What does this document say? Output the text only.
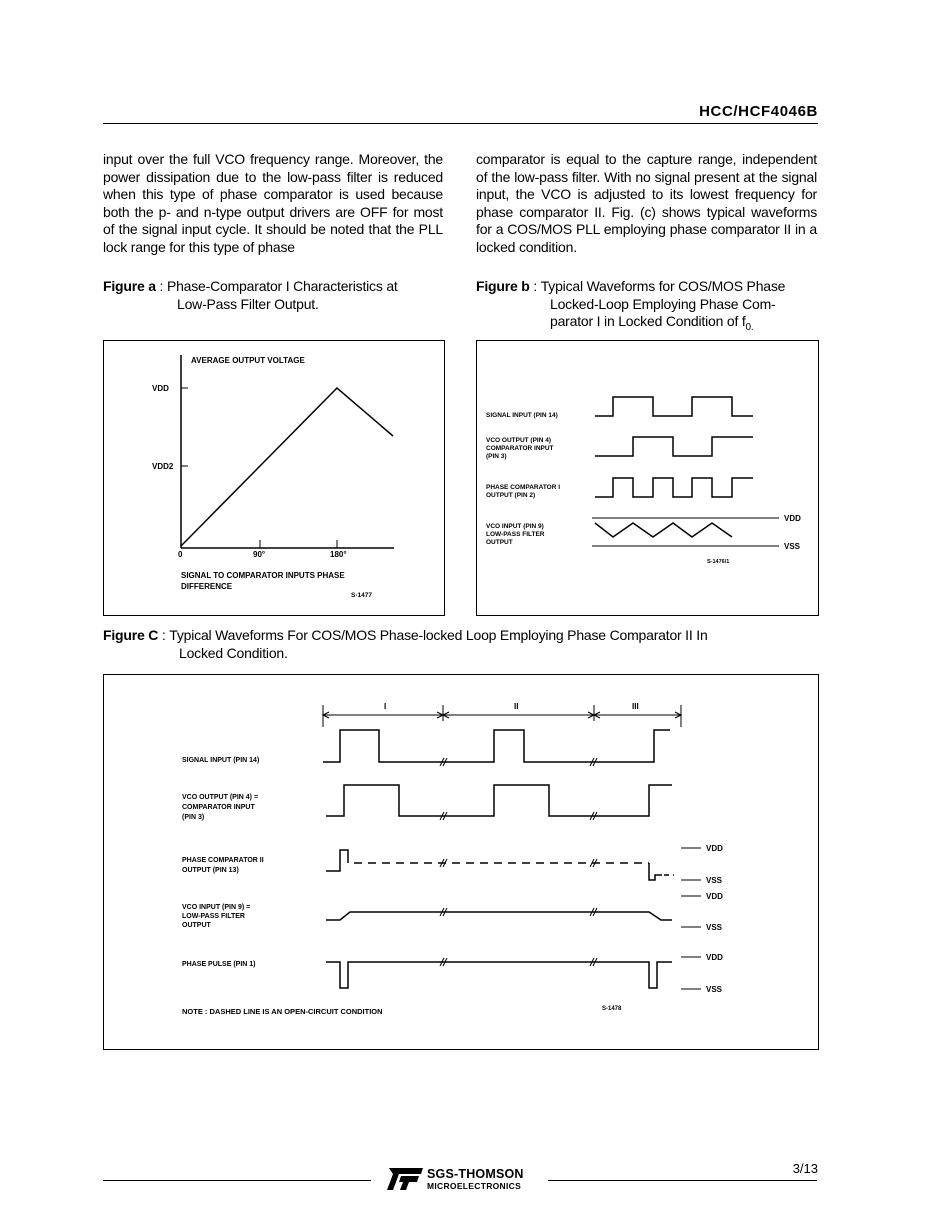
HCC/HCF4046B
input over the full VCO frequency range. Moreover, the power dissipation due to the low-pass filter is reduced when this type of phase comparator is used because both the p- and n-type output drivers are OFF for most of the signal input cycle. It should be noted that the PLL lock range for this type of phase
comparator is equal to the capture range, independent of the low-pass filter. With no signal present at the signal input, the VCO is adjusted to its lowest frequency for phase comparator II. Fig. (c) shows typical waveforms for a COS/MOS PLL employing phase comparator II in a locked condition.
Figure a : Phase-Comparator I Characteristics at
Low-Pass Filter Output.
Figure b : Typical Waveforms for COS/MOS Phase
Locked-Loop Employing Phase Com-
parator I in Locked Condition of $f_{0.}$
AVERAGE OUTPUT VOLTAGE
VDD
VDD2
0	90°	180°
SIGNAL TO COMPARATOR INPUTS PHASE
DIFFERENCE
S-1477
SIGNAL INPUT (PIN 14)
VCO OUTPUT (PIN 4)
COMPARATOR INPUT
(PIN 3)
PHASE COMPARATOR I
OUTPUT (PIN 2)
VCO INPUT (PIN 9)
LOW-PASS FILTER
OUTPUT
VDD
VSS
S-1476/1
Figure C : Typical Waveforms For COS/MOS Phase-locked Loop Employing Phase Comparator II In
Locked Condition.
I	II	III
SIGNAL INPUT (PIN 14)
VCO OUTPUT (PIN 4) =
COMPARATOR INPUT
(PIN 3)
PHASE COMPARATOR II
OUTPUT (PIN 13)
VDD
VSS
VCO INPUT (PIN 9) =
LOW-PASS FILTER
OUTPUT
VDD
VSS
PHASE PULSE (PIN 1)
VDD
VSS
NOTE : DASHED LINE IS AN OPEN-CIRCUIT CONDITION	S-1478
3/13
SGS-THOMSON
MICROELECTRONICS
